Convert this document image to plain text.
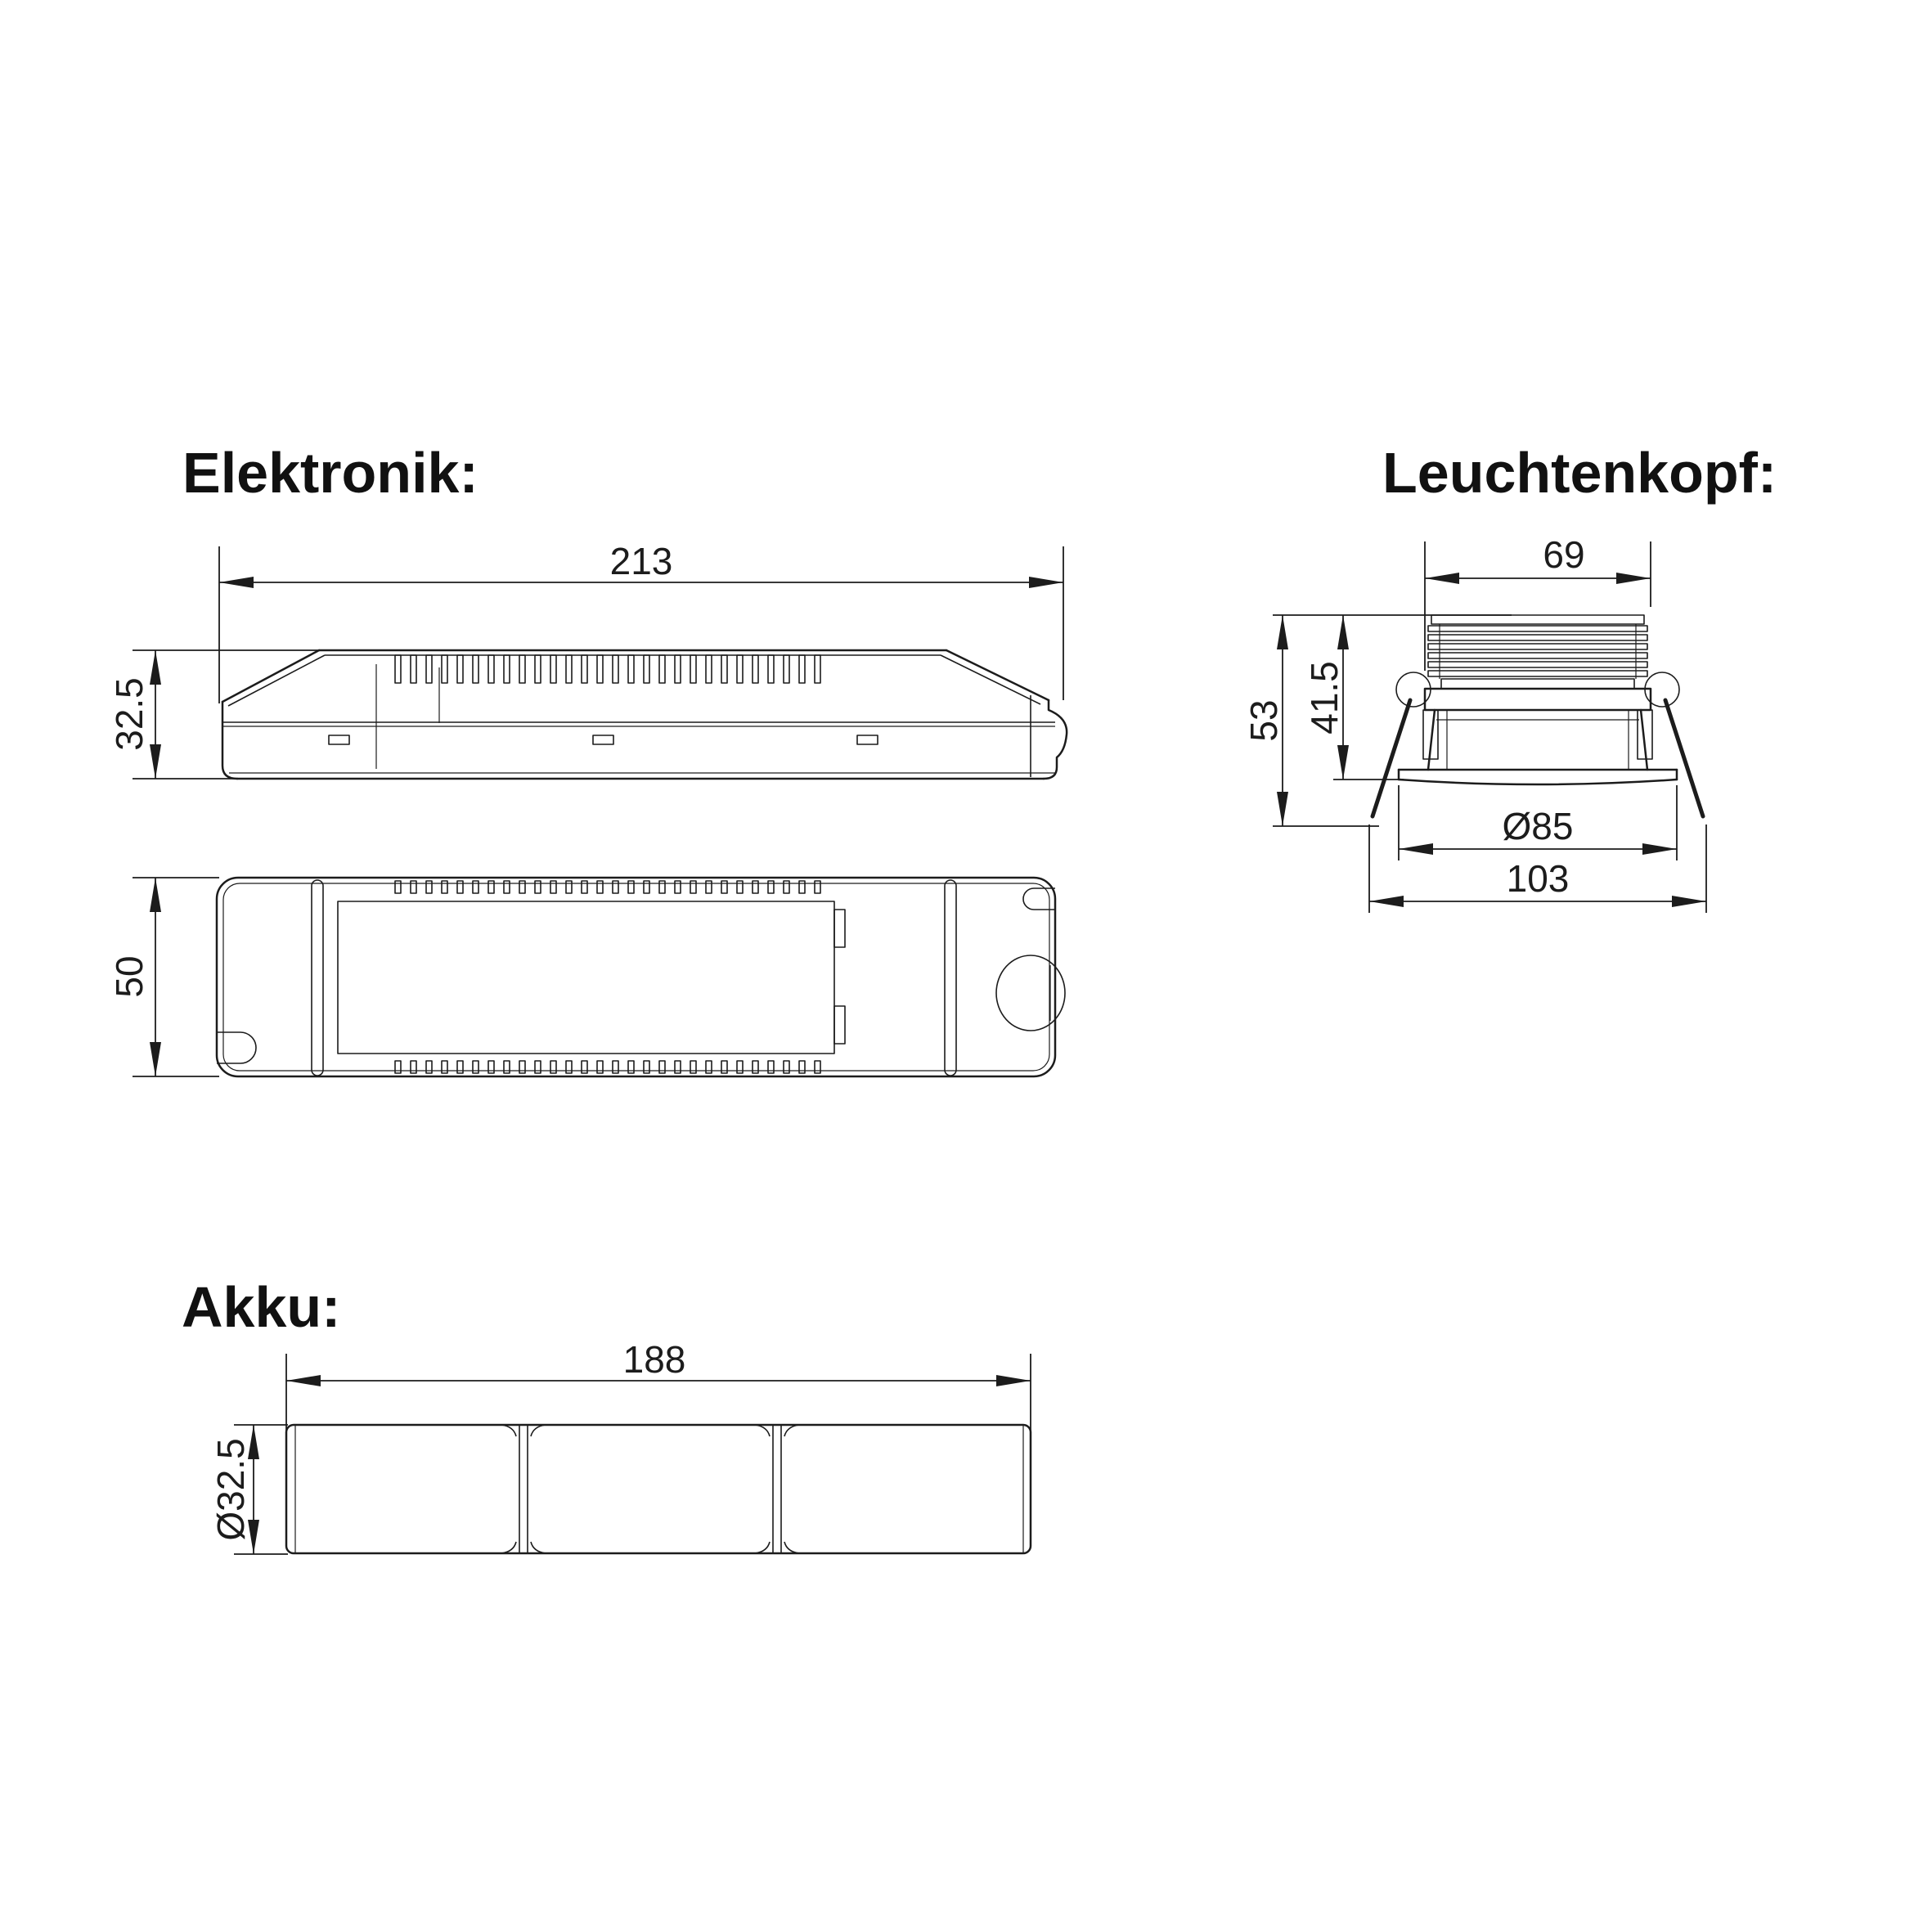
Elektronik:	Leuchtenkopf:
Akku:
213
32.5
50
69
53 41.5
Ø85
103
188
Ø32.5
